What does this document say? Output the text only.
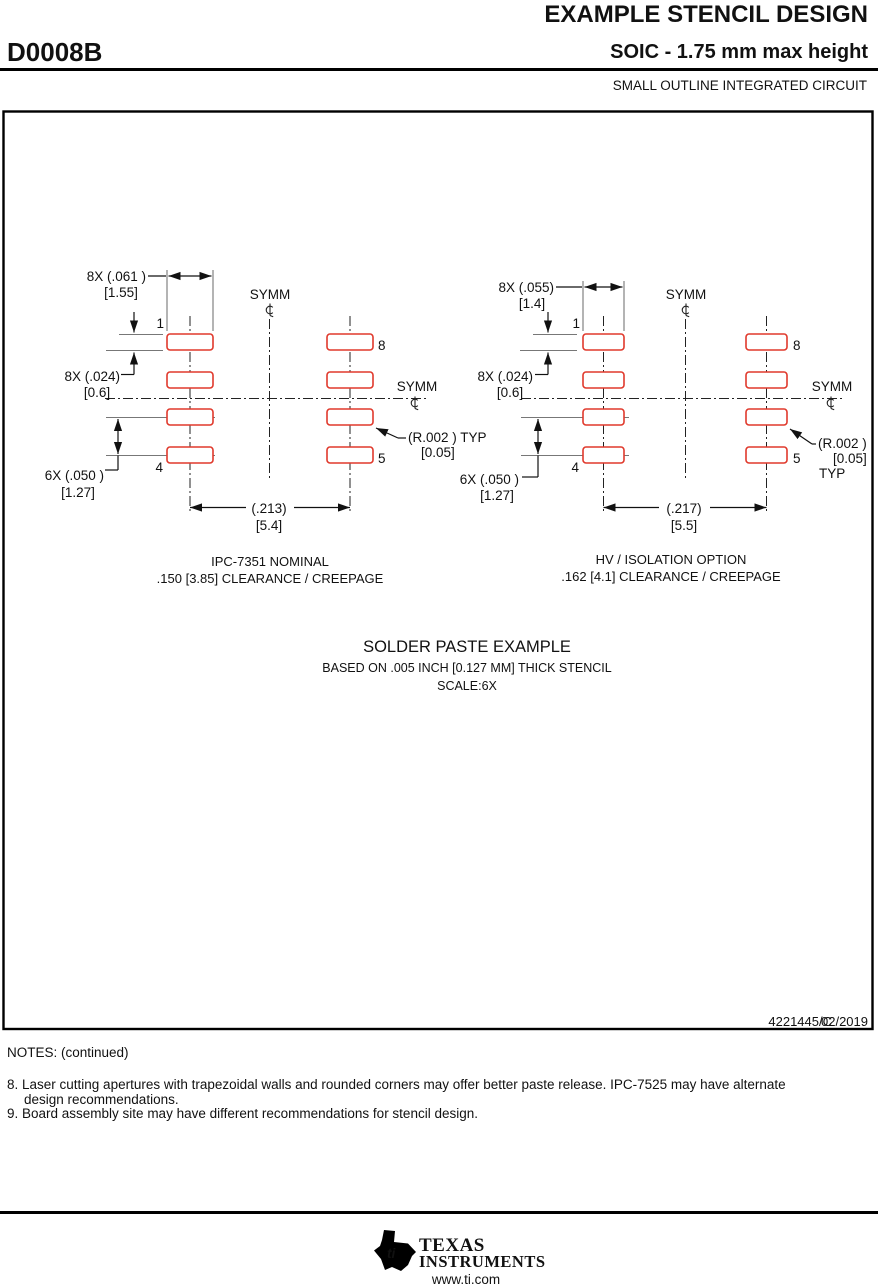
EXAMPLE STENCIL DESIGN
D0008B	SOIC - 1.75 mm max height
SMALL OUTLINE INTEGRATED CIRCUIT
8X (.061 )
[1.55]
8X (.024)
[0.6]
6X (.050 )
[1.27]
1
4
8
5
SYMM
SYMM
(R.002 ) TYP
[0.05]
(.213)
[5.4]
IPC-7351 NOMINAL
.150 [3.85] CLEARANCE / CREEPAGE
8X (.055)
[1.4]
8X (.024)
[0.6]
6X (.050 )
[1.27]
1
4
8
5
SYMM
SYMM
(R.002 )
[0.05]
TYP
(.217)
[5.5]
HV / ISOLATION OPTION
.162 [4.1] CLEARANCE / CREEPAGE
SOLDER PASTE EXAMPLE
BASED ON .005 INCH [0.127 MM] THICK STENCIL
SCALE:6X
4221445/C
02/2019
NOTES: (continued)
8. Laser cutting apertures with trapezoidal walls and rounded corners may offer better paste release. IPC-7525 may have alternate
design recommendations.
9. Board assembly site may have different recommendations for stencil design.
ti TEXAS
INSTRUMENTS
www.ti.com
